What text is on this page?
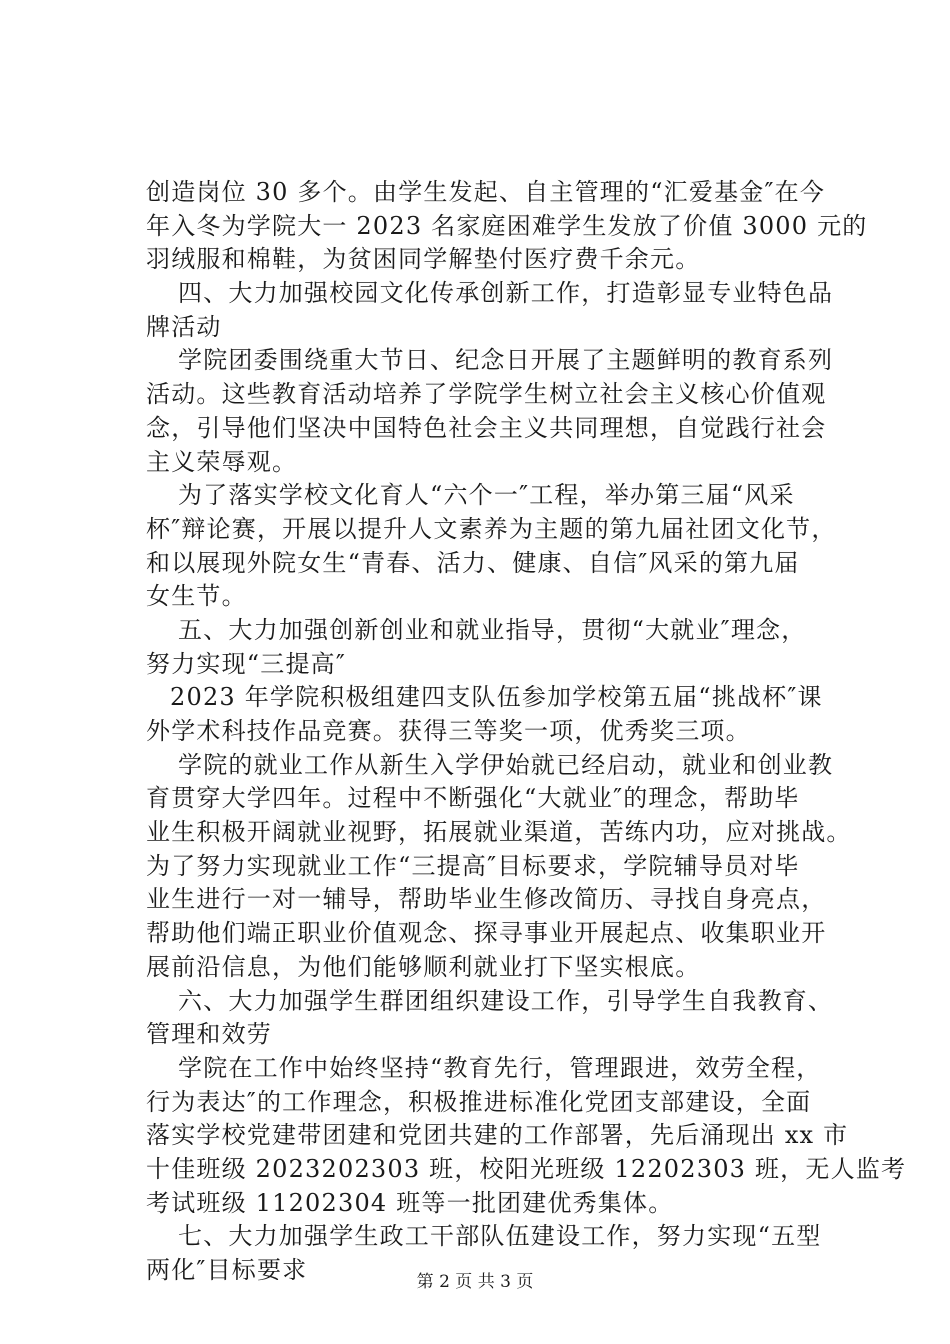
创造岗位 30 多个。由学生发起、自主管理的“汇爱基金″在今
年入冬为学院大一 2023 名家庭困难学生发放了价值 3000 元的
羽绒服和棉鞋，为贫困同学解垫付医疗费千余元。
四、大力加强校园文化传承创新工作，打造彰显专业特色品
牌活动
学院团委围绕重大节日、纪念日开展了主题鲜明的教育系列
活动。这些教育活动培养了学院学生树立社会主义核心价值观
念，引导他们坚决中国特色社会主义共同理想，自觉践行社会
主义荣辱观。
为了落实学校文化育人“六个一″工程，举办第三届“风采
杯″辩论赛，开展以提升人文素养为主题的第九届社团文化节，
和以展现外院女生“青春、活力、健康、自信″风采的第九届
女生节。
五、大力加强创新创业和就业指导，贯彻“大就业″理念，
努力实现“三提高″
2023 年学院积极组建四支队伍参加学校第五届“挑战杯″课
外学术科技作品竞赛。获得三等奖一项，优秀奖三项。
学院的就业工作从新生入学伊始就已经启动，就业和创业教
育贯穿大学四年。过程中不断强化“大就业″的理念，帮助毕
业生积极开阔就业视野，拓展就业渠道，苦练内功，应对挑战。
为了努力实现就业工作“三提高″目标要求，学院辅导员对毕
业生进行一对一辅导，帮助毕业生修改简历、寻找自身亮点，
帮助他们端正职业价值观念、探寻事业开展起点、收集职业开
展前沿信息，为他们能够顺利就业打下坚实根底。
六、大力加强学生群团组织建设工作，引导学生自我教育、
管理和效劳
学院在工作中始终坚持“教育先行，管理跟进，效劳全程，
行为表达″的工作理念，积极推进标准化党团支部建设，全面
落实学校党建带团建和党团共建的工作部署，先后涌现出 xx 市
十佳班级 2023202303 班，校阳光班级 12202303 班，无人监考
考试班级 11202304 班等一批团建优秀集体。
七、大力加强学生政工干部队伍建设工作，努力实现“五型
两化″目标要求	第 2 页 共 3 页
